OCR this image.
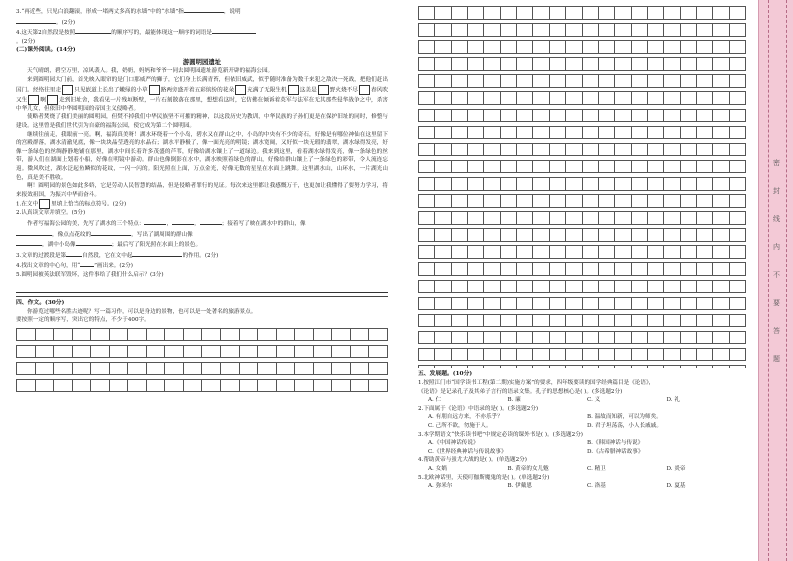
3.“再近些，只见白浪翻滚，形成一堵两丈多高的水墙”中的“水墙”指	，说明

。(2分)

4.这天第2自然段是按照	的顺序写的，最能体现这一顺序的词语是

。(2分)

(二)课外阅读。(14分)

游圆明园遗址

天气晴朗，碧空万里，凉风袭人。我，奶奶，妈妈和爷爷一同去圆明园遗址游览新开辟的福海公园。

来到圆明园大门前，首先映入眼帘的是门口那威严的狮子，它们身上长满青苔，但依旧威武，似乎随时准备为数千来犯之敌决一死战，把他们赶出国门。经络往里走 只见嵌道上长出了嫩绿的小草 路两旁盛开着五彩缤纷的花朵 充满了无限生机 这美是 野火烧不尽 春风吹又生 啊 走到旧址舍，我看见一片残垣断壁，一片石刻散落在那里，想想看这时，它仿佛在倾诉着英军与法军在无其那些侵华战争之中，杀害中华儿女，但依旧中华圆明园的帝国主义侵略者。

使略者焚烧了我们美丽的圆明园，但焚不掉我们中华民族坚不可摧的精神，以这段历史为教训，中华民族的子孙们更是在保护旧址的同时，修整与建设。这里曾是我们世代引为自豪的福海公园，使它成为第二个圆明园。

继续往前走，我眼前一亮。啊，福海真美呀！湖水环绕着一个小岛，碧水又在群山之中，小岛的中央有不少的奇石，好像是有哪位神仙在这里留下的宫殿群落，湖水清澈见底，像一块块晶莹透亮的水晶石；湖水平静极了，像一面光亮的明镜；湖水宽阔，又好似一块无瑕的翡翠，湖水绿得发亮，好像一条绿色的丝绸静静地铺在那里，湖水中间长着许多茂盛的芦苇，好像给湖水镶上了一道绿边。我来到这里，看着湖水绿得发亮，像一条绿色的丝带，游人们在湖面上划着小船，好像在明镜中游动。群山也像倒影在水中，湖水映照着绿色的群山，好像给群山镶上了一条绿色的彩带，令人流连忘返。微风吹过，湖水泛起鱼鳞似的花纹，一闪一闪的。阳光照在上面，万点金光，好像无数的星星在水面上跳舞。这里湖水山，山环水，一片湖光山色，真是美不胜收。

啊！圆明园的景色如此多娇，它是劳动人民智慧的结晶，但是侵略者罪行的见证。每次来这里都让我感慨万千，也更加让我懂得了要努力学习，将来报效祖国，为振兴中华而奋斗。

1.在文中 里填上恰当的标点符号。(2分)

2.认真读文章并填空。(5分)

作者写福海公园的美，先写了湖水的三个特点：	，	，	；接着写了映在湖水中的群山，像

，像点点花纹的	，写出了湖周围的群山像

，湖中小岛像	；最后写了阳光照在水面上的景色。

3.文章的过渡段是第	自然段，它在文中起	的作用。(2分)

4.找出文章的中心句，用“	”画出来。(2分)

5.圆明园被英法联军毁坏，这件事给了我们什么启示？(3分)

四、作文。(30分)

你游览过哪些名胜古迹呢？写一篇习作，可以是身边的景物，也可以是一处著名的旅游景点。

要按照一定的顺序写，突出它的特点，不少于400字。

五、发展题。(10分)

1.按照江门市“国学读书工程(第二期)实施方案”的要求，四年级要读的国学经典篇目是《论语》，

《论语》是记录孔子及其弟子言行的语录文集。孔子的思想核心是( )。(多选题2分)

A. 仁	B. 廉	C. 义	D. 礼

2.下面属于《论语》中语录的是( )。(多选题2分)

A. 有朋自远方来，不亦乐乎？	B. 温故而知新，可以为师矣。
C. 己所不欲，勿施于人。	D. 君子坦荡荡，小人长戚戚。

3.本学期语文“快乐读书吧”中规定必读的课外书是( )。(多选题2分)

A.《中国神话传说》	B.《韩国神话与传说》
C.《世界经典神话与传说故事》	D.《古希腊神话故事》

4.帮助黄帝与蚩尤大战的是( )。(单选题2分)

A. 女娲	B. 黄帝的女儿魃	C. 精卫	D. 炎帝

5.北欧神话里，天使叮伽斯魔鬼的是( )。(单选题2分)

A. 弥米尔	B. 伊戴恩	C. 洛基	D. 夏基
密
封
线
内
不
要
答
题
